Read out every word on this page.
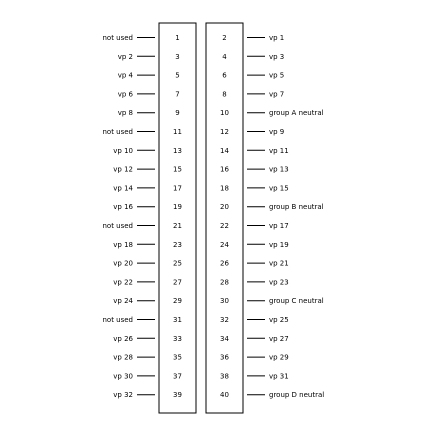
not used	1	2	vp 1
vp 2	3	4	vp 3
vp 4	5	6	vp 5
vp 6	7	8	vp 7
vp 8	9	10	group A neutral
not used	11	12	vp 9
vp 10	13	14	vp 11
vp 12	15	16	vp 13
vp 14	17	18	vp 15
vp 16	19	20	group B neutral
not used	21	22	vp 17
vp 18	23	24	vp 19
vp 20	25	26	vp 21
vp 22	27	28	vp 23
vp 24	29	30	group C neutral
not used	31	32	vp 25
vp 26	33	34	vp 27
vp 28	35	36	vp 29
vp 30	37	38	vp 31
vp 32	39	40	group D neutral
